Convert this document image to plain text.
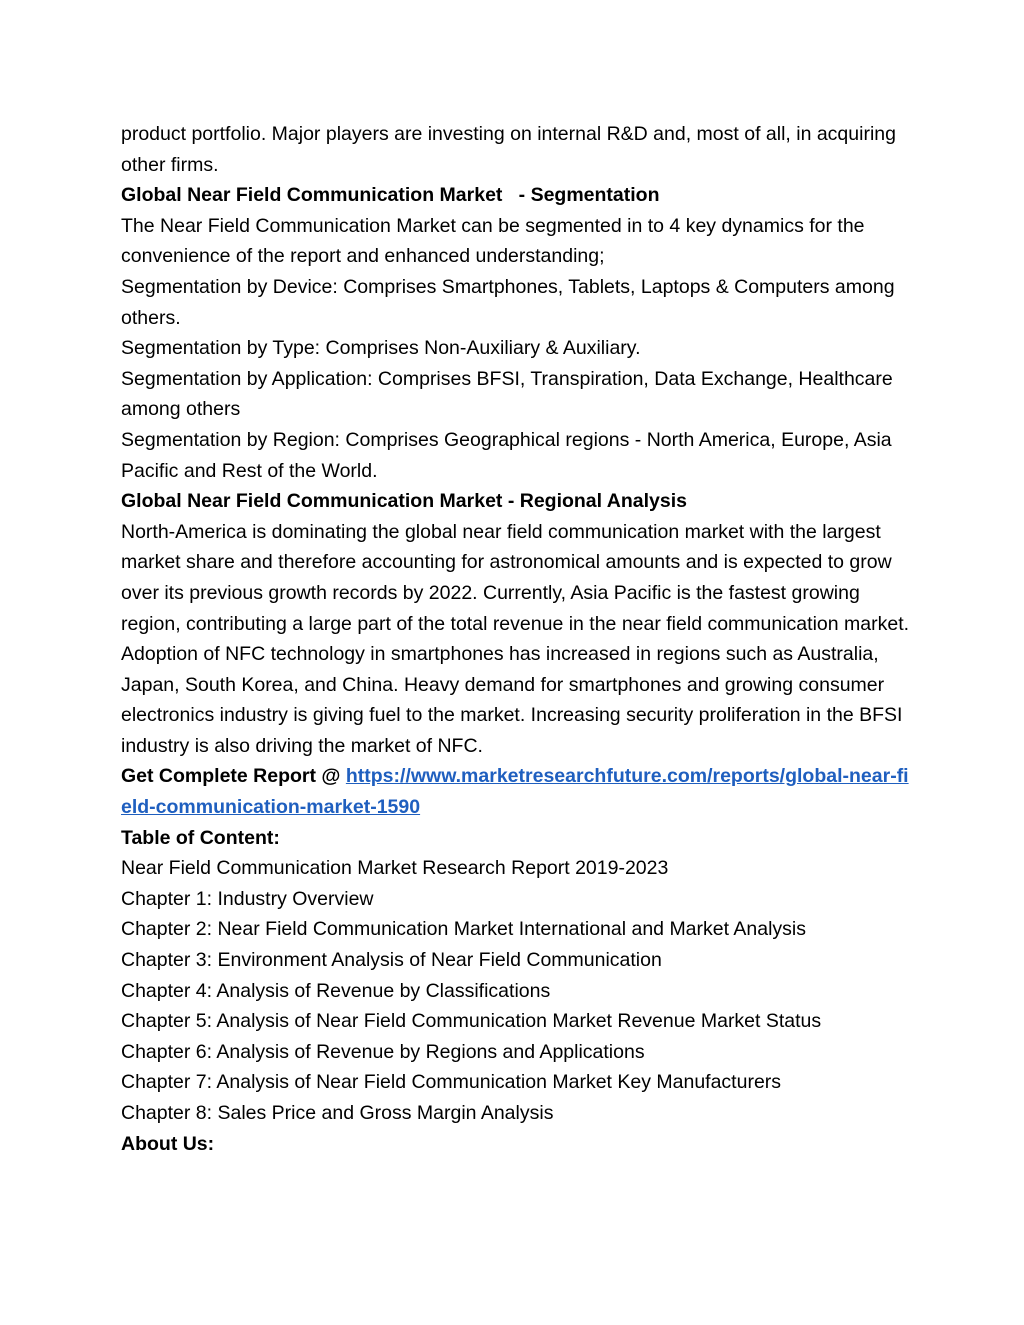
product portfolio. Major players are investing on internal R&D and, most of all, in acquiring other firms.

Global Near Field Communication Market   - Segmentation

The Near Field Communication Market can be segmented in to 4 key dynamics for the convenience of the report and enhanced understanding;

Segmentation by Device: Comprises Smartphones, Tablets, Laptops & Computers among others.

Segmentation by Type: Comprises Non-Auxiliary & Auxiliary.

Segmentation by Application: Comprises BFSI, Transpiration, Data Exchange, Healthcare among others

Segmentation by Region: Comprises Geographical regions - North America, Europe, Asia Pacific and Rest of the World.

Global Near Field Communication Market - Regional Analysis

North-America is dominating the global near field communication market with the largest market share and therefore accounting for astronomical amounts and is expected to grow over its previous growth records by 2022. Currently, Asia Pacific is the fastest growing region, contributing a large part of the total revenue in the near field communication market. Adoption of NFC technology in smartphones has increased in regions such as Australia, Japan, South Korea, and China. Heavy demand for smartphones and growing consumer electronics industry is giving fuel to the market. Increasing security proliferation in the BFSI industry is also driving the market of NFC.

Get Complete Report @ https://www.marketresearchfuture.com/reports/global-near-field-communication-market-1590

Table of Content:

Near Field Communication Market Research Report 2019-2023

Chapter 1: Industry Overview

Chapter 2: Near Field Communication Market International and Market Analysis

Chapter 3: Environment Analysis of Near Field Communication

Chapter 4: Analysis of Revenue by Classifications

Chapter 5: Analysis of Near Field Communication Market Revenue Market Status

Chapter 6: Analysis of Revenue by Regions and Applications

Chapter 7: Analysis of Near Field Communication Market Key Manufacturers

Chapter 8: Sales Price and Gross Margin Analysis

About Us:
